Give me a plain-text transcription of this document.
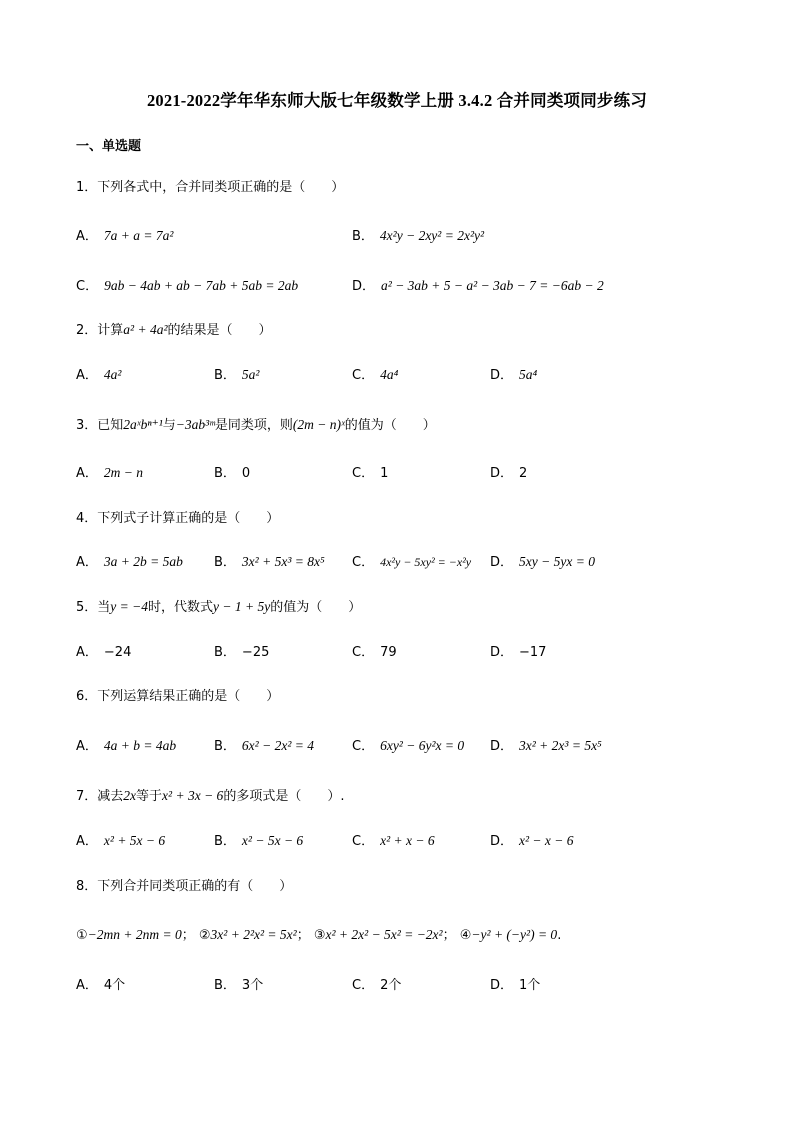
2021-2022学年华东师大版七年级数学上册 3.4.2 合并同类项同步练习
一、单选题
1．下列各式中，合并同类项正确的是（　　）
A． 7a + a = 7a²	B． 4x²y − 2xy² = 2x²y²
C． 9ab − 4ab + ab − 7ab + 5ab = 2ab	D． a² − 3ab + 5 − a² − 3ab − 7 = −6ab − 2
2．计算a² + 4a²的结果是（　　）
A． 4a²	B． 5a²	C． 4a⁴	D． 5a⁴
3．已知2aˣbⁿ⁺¹与−3ab³ᵐ是同类项，则(2m − n)ˣ的值为（　　）
A． 2m − n	B． 0	C． 1	D． 2
4．下列式子计算正确的是（　　）
A． 3a + 2b = 5ab B． 3x² + 5x³ = 8x⁵ C． 4x²y − 5xy² = −x²y D． 5xy − 5yx = 0
5．当y = −4时，代数式y − 1 + 5y的值为（　　）
A． −24	B． −25	C． 79	D． −17
6．下列运算结果正确的是（　　）
A． 4a + b = 4ab	B． 6x² − 2x² = 4	C． 6xy² − 6y²x = 0 D． 3x² + 2x³ = 5x⁵
7．减去2x等于x² + 3x − 6的多项式是（　　）.
A． x² + 5x − 6	B． x² − 5x − 6	C． x² + x − 6	D． x² − x − 6
8．下列合并同类项正确的有（　　）
①−2mn + 2nm = 0； ②3x² + 2²x² = 5x²； ③x² + 2x² − 5x² = −2x²； ④−y² + (−y²) = 0.
A． 4个	B． 3个	C． 2个	D． 1个
